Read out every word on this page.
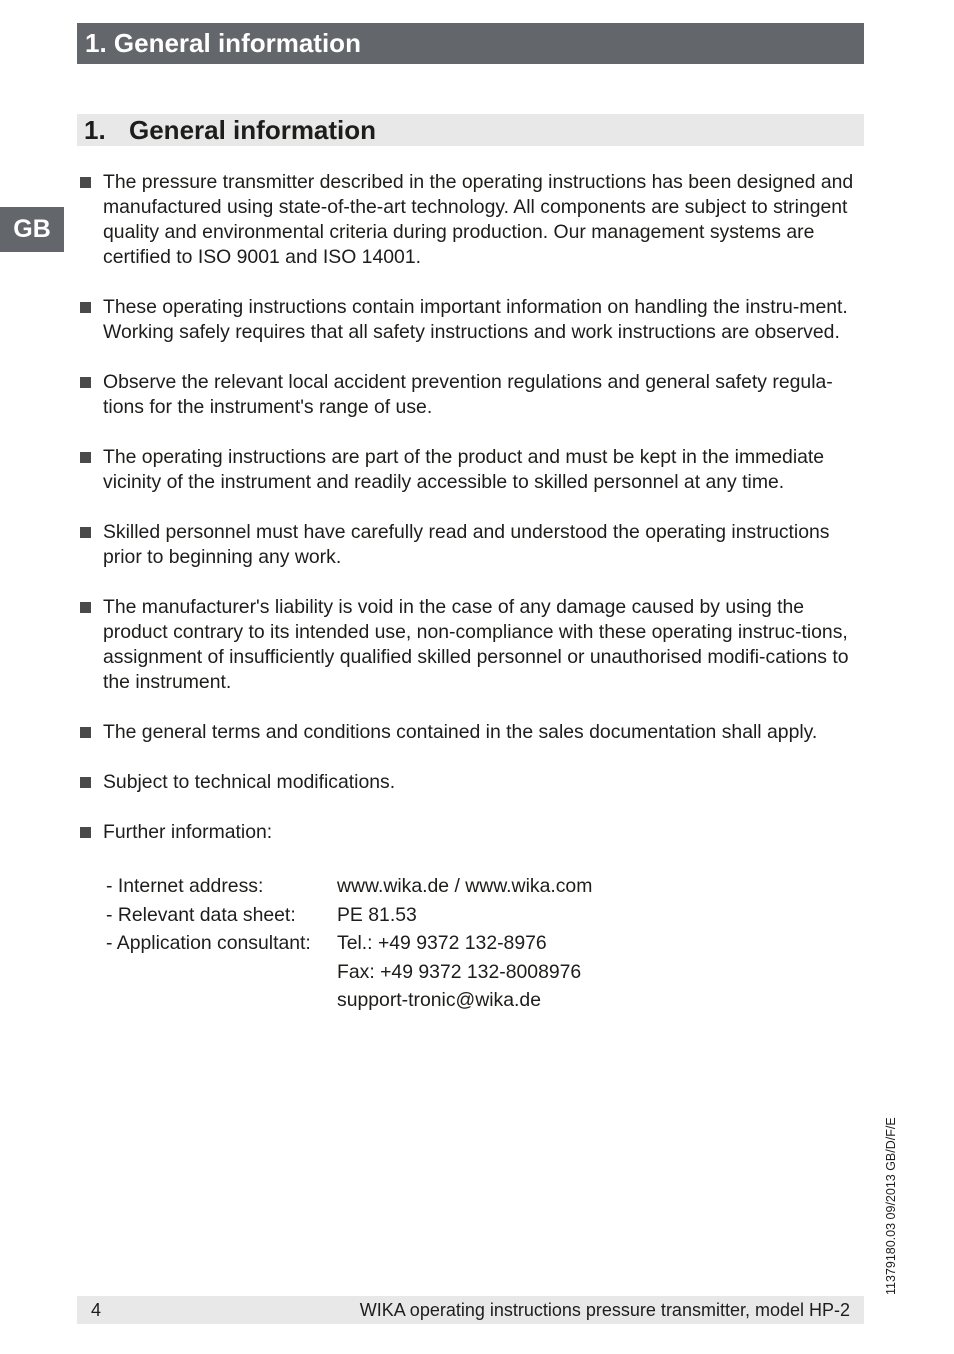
1. General information
GB
1. General information
The pressure transmitter described in the operating instructions has been designed and manufactured using state-of-the-art technology. All components are subject to stringent quality and environmental criteria during production. Our management systems are certified to ISO 9001 and ISO 14001.
These operating instructions contain important information on handling the instru-ment. Working safely requires that all safety instructions and work instructions are observed.
Observe the relevant local accident prevention regulations and general safety regula-tions for the instrument's range of use.
The operating instructions are part of the product and must be kept in the immediate vicinity of the instrument and readily accessible to skilled personnel at any time.
Skilled personnel must have carefully read and understood the operating instructions prior to beginning any work.
The manufacturer's liability is void in the case of any damage caused by using the product contrary to its intended use, non-compliance with these operating instruc-tions, assignment of insufficiently qualified skilled personnel or unauthorised modifi-cations to the instrument.
The general terms and conditions contained in the sales documentation shall apply.
Subject to technical modifications.
Further information:
- Internet address:	www.wika.de / www.wika.com
- Relevant data sheet:	PE 81.53
- Application consultant:	Tel.: +49 9372 132-8976
Fax: +49 9372 132-8008976
support-tronic@wika.de
11379180.03 09/2013 GB/D/F/E
4	WIKA operating instructions pressure transmitter, model HP-2
